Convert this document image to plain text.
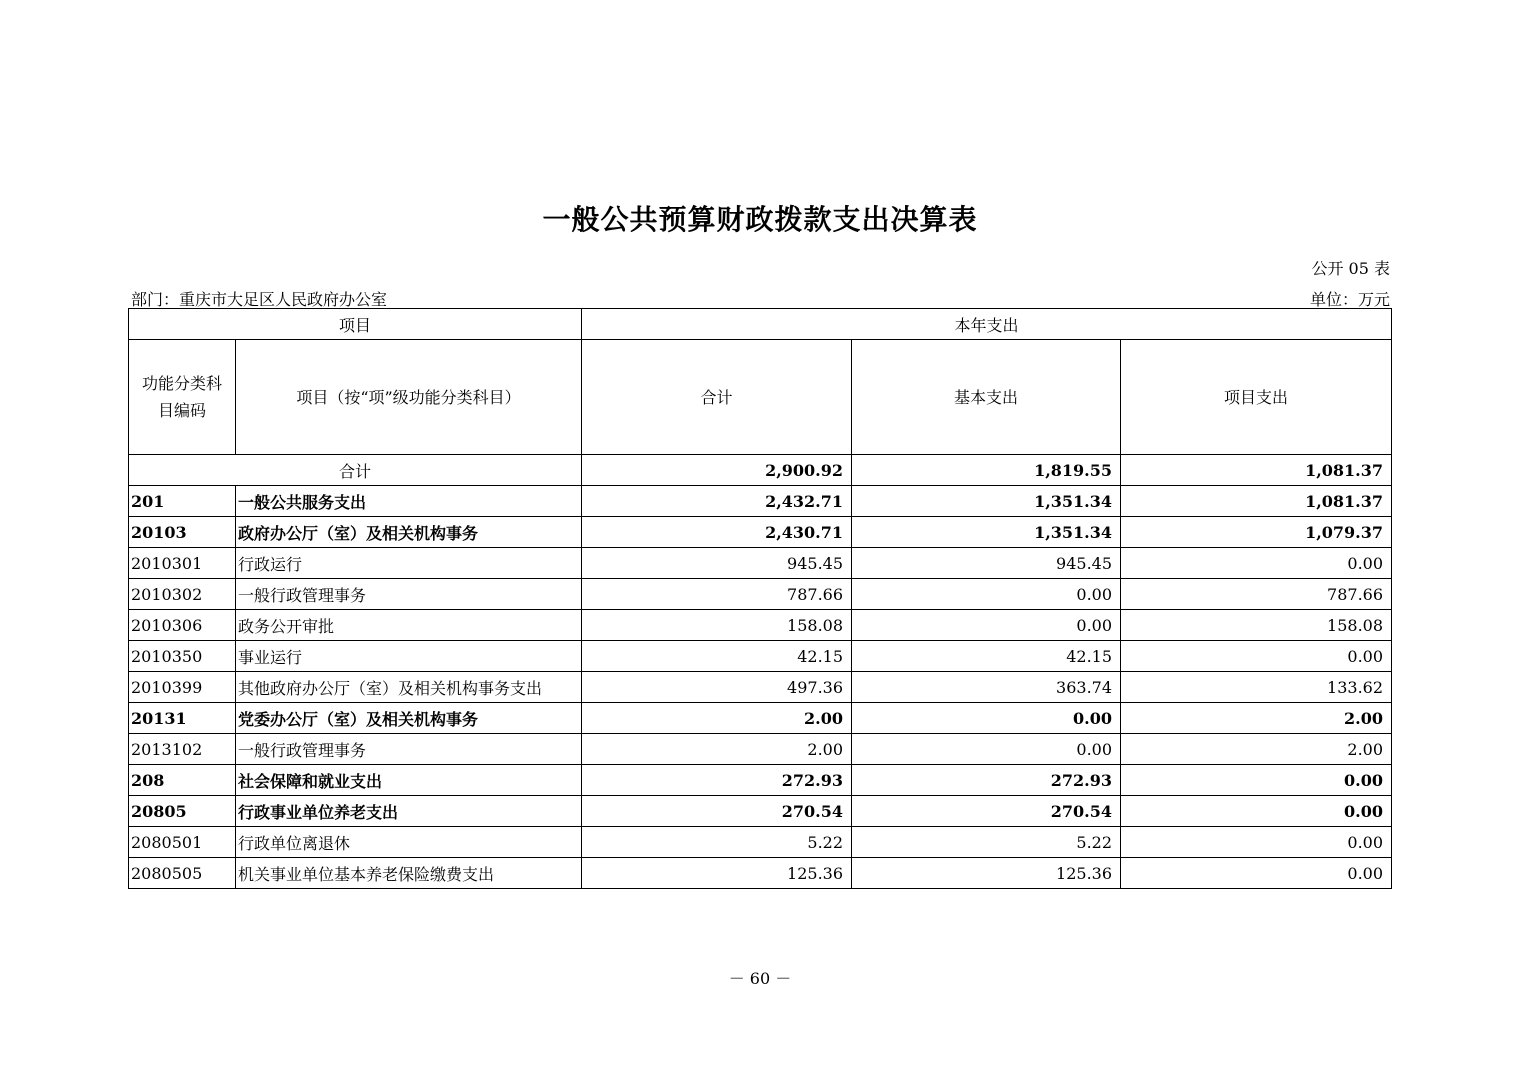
一般公共预算财政拨款支出决算表
公开 05 表
部门：重庆市大足区人民政府办公室	单位：万元
项目		本年支出		
功能分类科目编码	项目（按“项”级功能分类科目）	合计	基本支出	项目支出
合计		2,900.92	1,819.55	1,081.37
201	一般公共服务支出	2,432.71	1,351.34	1,081.37
20103	政府办公厅（室）及相关机构事务	2,430.71	1,351.34	1,079.37
2010301	行政运行	945.45	945.45	0.00
2010302	一般行政管理事务	787.66	0.00	787.66
2010306	政务公开审批	158.08	0.00	158.08
2010350	事业运行	42.15	42.15	0.00
2010399	其他政府办公厅（室）及相关机构事务支出	497.36	363.74	133.62
20131	党委办公厅（室）及相关机构事务	2.00	0.00	2.00
2013102	一般行政管理事务	2.00	0.00	2.00
208	社会保障和就业支出	272.93	272.93	0.00
20805	行政事业单位养老支出	270.54	270.54	0.00
2080501	行政单位离退休	5.22	5.22	0.00
2080505	机关事业单位基本养老保险缴费支出	125.36	125.36	0.00
－ 60 －
